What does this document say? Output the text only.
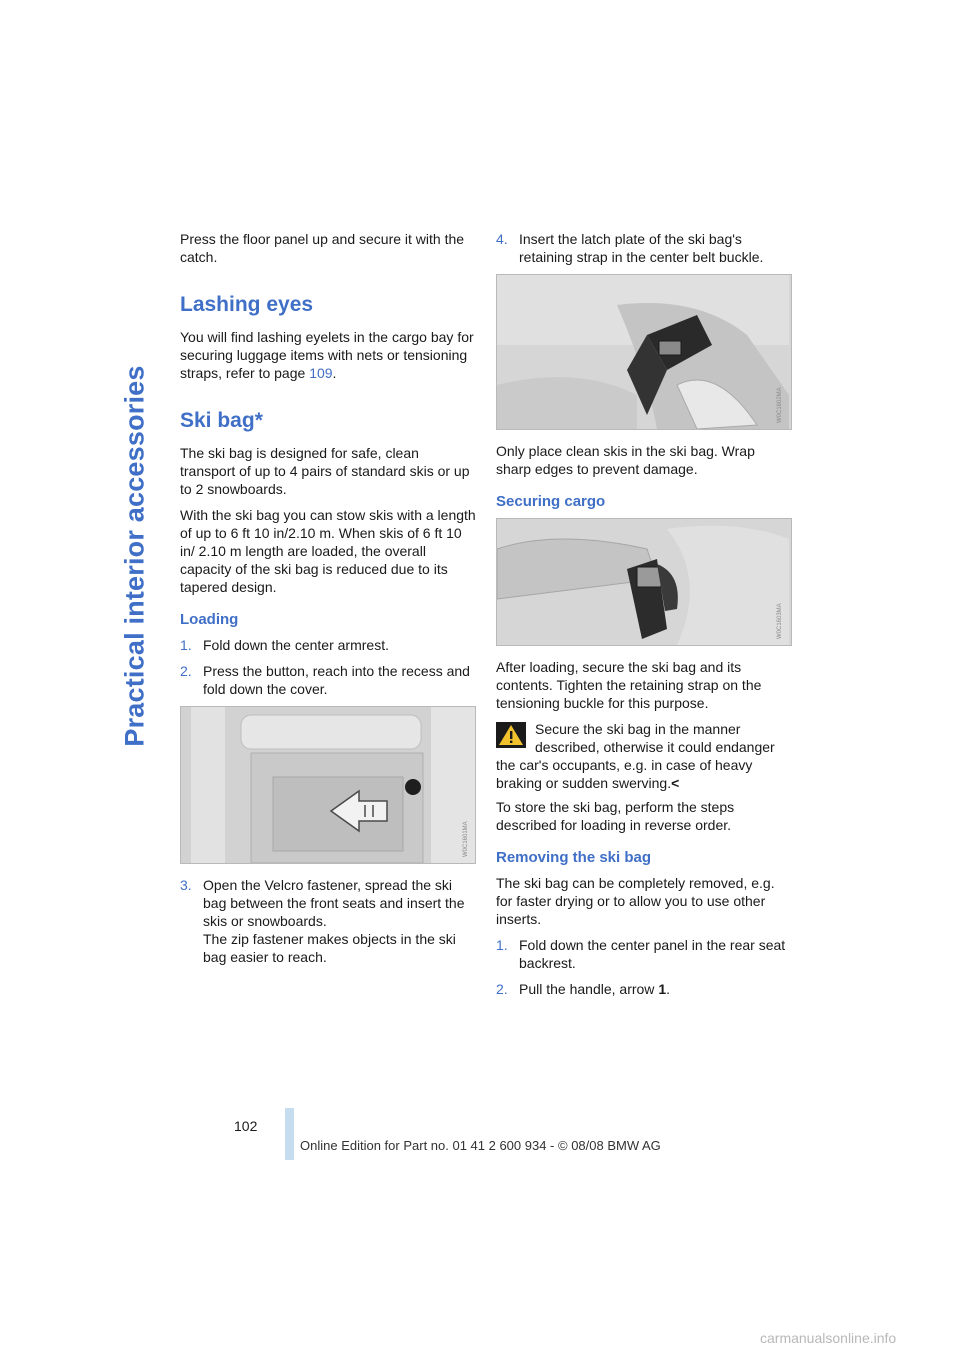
Practical interior accessories

Press the floor panel up and secure it with the catch.

Lashing eyes

You will find lashing eyelets in the cargo bay for securing luggage items with nets or tensioning straps, refer to page 109.

Ski bag*

The ski bag is designed for safe, clean transport of up to 4 pairs of standard skis or up to 2 snowboards.

With the ski bag you can stow skis with a length of up to 6 ft 10 in/2.10 m. When skis of 6 ft 10 in/ 2.10 m length are loaded, the overall capacity of the ski bag is reduced due to its tapered design.

Loading
1. Fold down the center armrest.
2. Press the button, reach into the recess and fold down the cover.
W0C1601MA
3. Open the Velcro fastener, spread the ski bag between the front seats and insert the skis or snowboards.
The zip fastener makes objects in the ski bag easier to reach.
4. Insert the latch plate of the ski bag's retaining strap in the center belt buckle.
W0C1602MA

Only place clean skis in the ski bag. Wrap sharp edges to prevent damage.

Securing cargo
W0C1603MA

After loading, secure the ski bag and its contents. Tighten the retaining strap on the tensioning buckle for this purpose.

Secure the ski bag in the manner described, otherwise it could endanger
the car's occupants, e.g. in case of heavy braking or sudden swerving.<

To store the ski bag, perform the steps described for loading in reverse order.

Removing the ski bag

The ski bag can be completely removed, e.g. for faster drying or to allow you to use other inserts.

1. Fold down the center panel in the rear seat backrest.
2. Pull the handle, arrow 1.
102
Online Edition for Part no. 01 41 2 600 934 - © 08/08 BMW AG
carmanualsonline.info
